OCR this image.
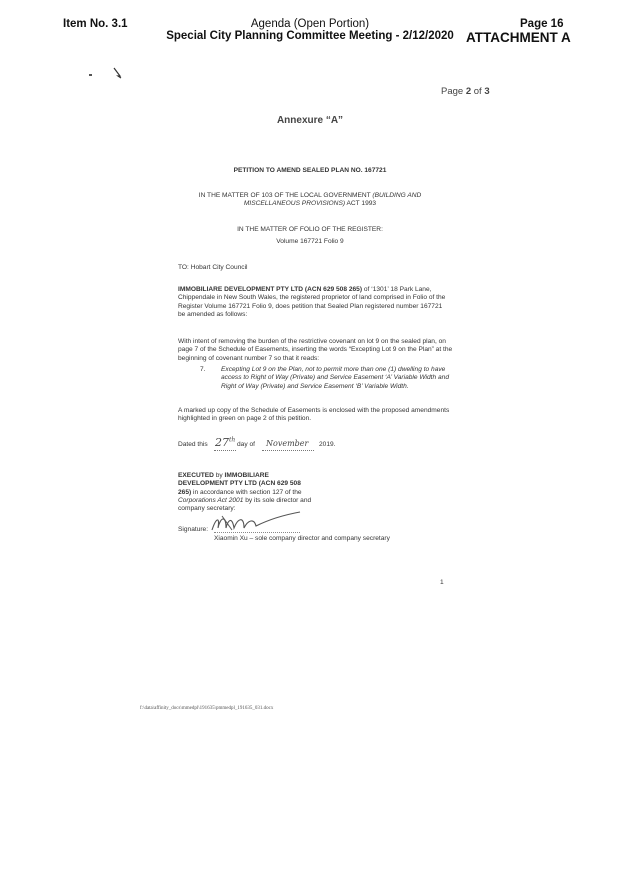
Item No. 3.1	Agenda (Open Portion)
Special City Planning Committee Meeting - 2/12/2020
Page 16
ATTACHMENT A
Page 2 of 3
Annexure “A”
PETITION TO AMEND SEALED PLAN NO. 167721
IN THE MATTER OF 103 OF THE LOCAL GOVERNMENT (BUILDING AND
MISCELLANEOUS PROVISIONS) ACT 1993
IN THE MATTER OF FOLIO OF THE REGISTER:
Volume 167721 Folio 9
TO: Hobart City Council
IMMOBILIARE DEVELOPMENT PTY LTD (ACN 629 508 265) of ‘1301’ 18 Park Lane,
Chippendale in New South Wales, the registered proprietor of land comprised in Folio of the
Register Volume 167721 Folio 9, does petition that Sealed Plan registered number 167721
be amended as follows:
With intent of removing the burden of the restrictive covenant on lot 9 on the sealed plan, on
page 7 of the Schedule of Easements, inserting the words “Excepting Lot 9 on the Plan” at the
beginning of covenant number 7 so that it reads:
7. Excepting Lot 9 on the Plan, not to permit more than one (1) dwelling to have
access to Right of Way (Private) and Service Easement ‘A’ Variable Width and
Right of Way (Private) and Service Easement ‘B’ Variable Width.
A marked up copy of the Schedule of Easements is enclosed with the proposed amendments
highlighted in green on page 2 of this petition.
Dated this 27th
day of November 2019.
EXECUTED by IMMOBILIARE
DEVELOPMENT PTY LTD (ACN 629 508
265) in accordance with section 127 of the
Corporations Act 2001 by its sole director and
company secretary:
Signature:
Xiaomin Xu – sole company director and company secretary
1
f:\data\affinity_docs\mmedpl\191635\pmmedpl_191635_031.docx
